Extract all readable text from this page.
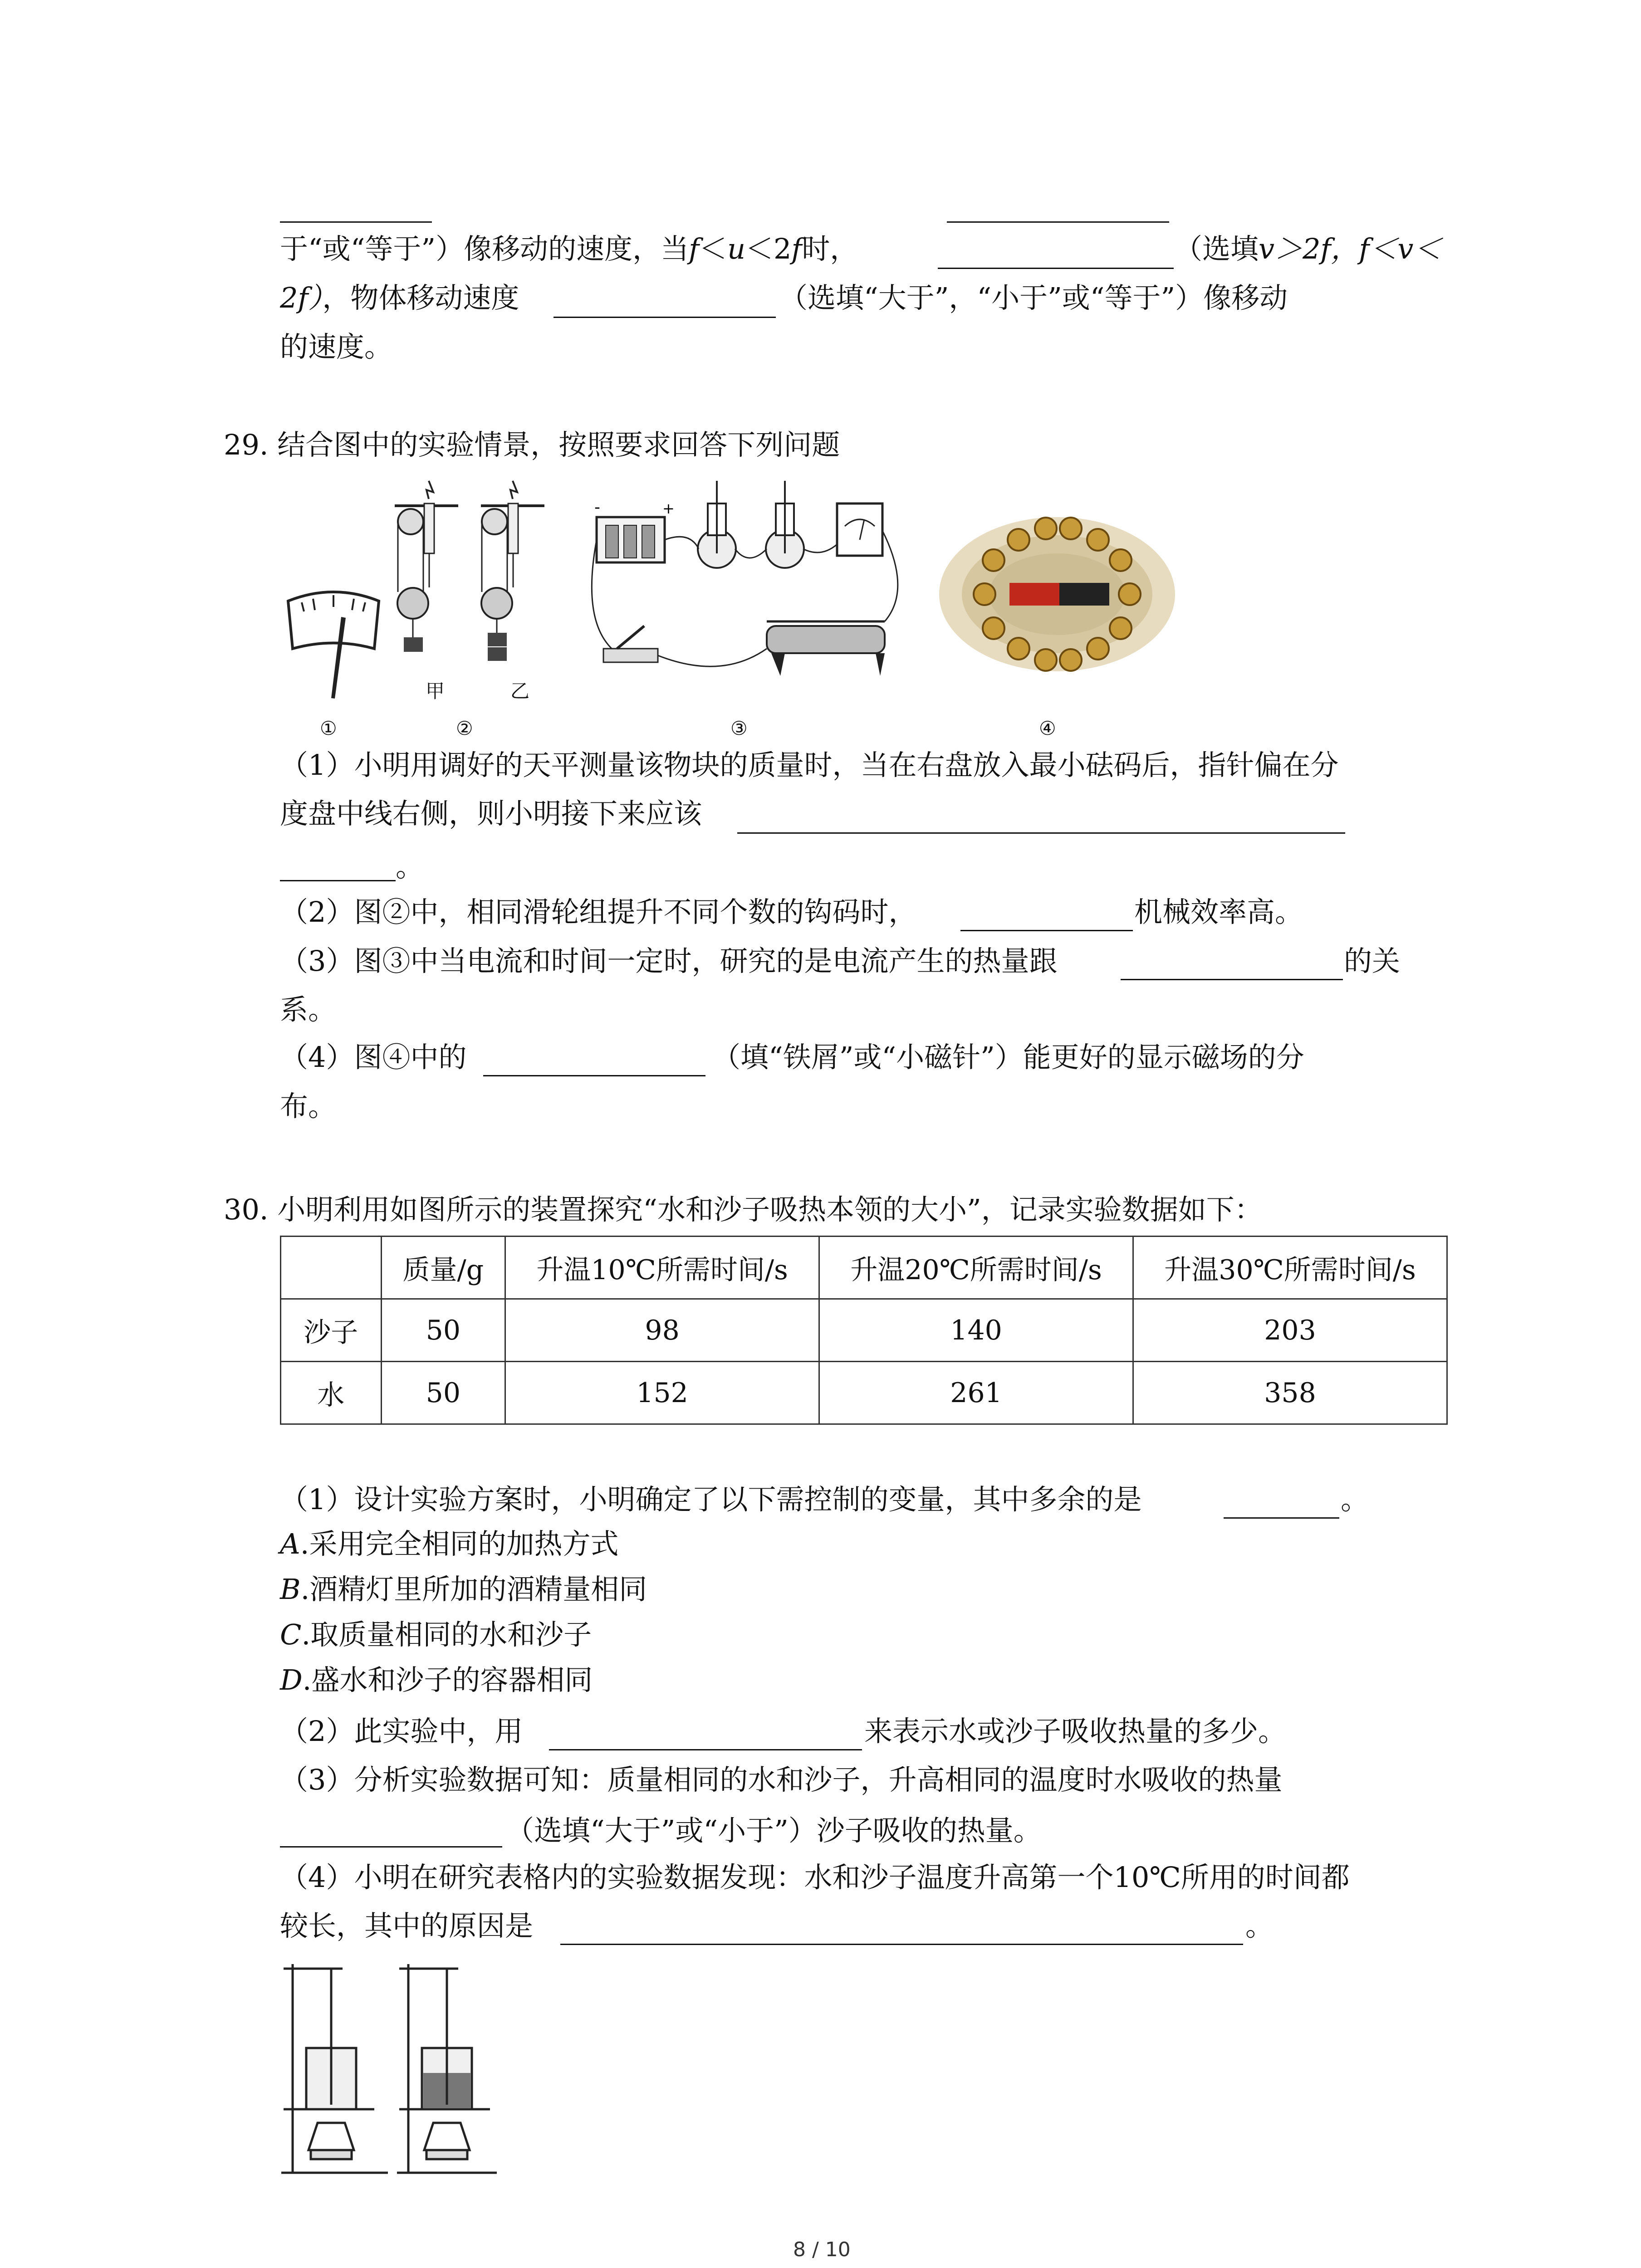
于“或“等于”）像移动的速度，当f＜u＜2f时，	（选填v＞2f，f＜v＜
2f），物体移动速度	（选填“大于”，“小于”或“等于”）像移动
的速度。
29. 结合图中的实验情景，按照要求回答下列问题
甲	乙
-	+
①	②	③	④
（1）小明用调好的天平测量该物块的质量时，当在右盘放入最小砝码后，指针偏在分
度盘中线右侧，则小明接下来应该
。
（2）图②中，相同滑轮组提升不同个数的钩码时，	机械效率高。
（3）图③中当电流和时间一定时，研究的是电流产生的热量跟	的关
系。
（4）图④中的	（填“铁屑”或“小磁针”）能更好的显示磁场的分
布。
30. 小明利用如图所示的装置探究“水和沙子吸热本领的大小”，记录实验数据如下：
	质量/g	升温10℃所需时间/s	升温20℃所需时间/s	升温30℃所需时间/s
沙子	50	98	140	203
水	50	152	261	358
（1）设计实验方案时，小明确定了以下需控制的变量，其中多余的是	。
A.采用完全相同的加热方式
B.酒精灯里所加的酒精量相同
C.取质量相同的水和沙子
D.盛水和沙子的容器相同
（2）此实验中，用	来表示水或沙子吸收热量的多少。
（3）分析实验数据可知：质量相同的水和沙子，升高相同的温度时水吸收的热量
（选填“大于”或“小于”）沙子吸收的热量。
（4）小明在研究表格内的实验数据发现：水和沙子温度升高第一个10℃所用的时间都
较长，其中的原因是	。
8 / 10
